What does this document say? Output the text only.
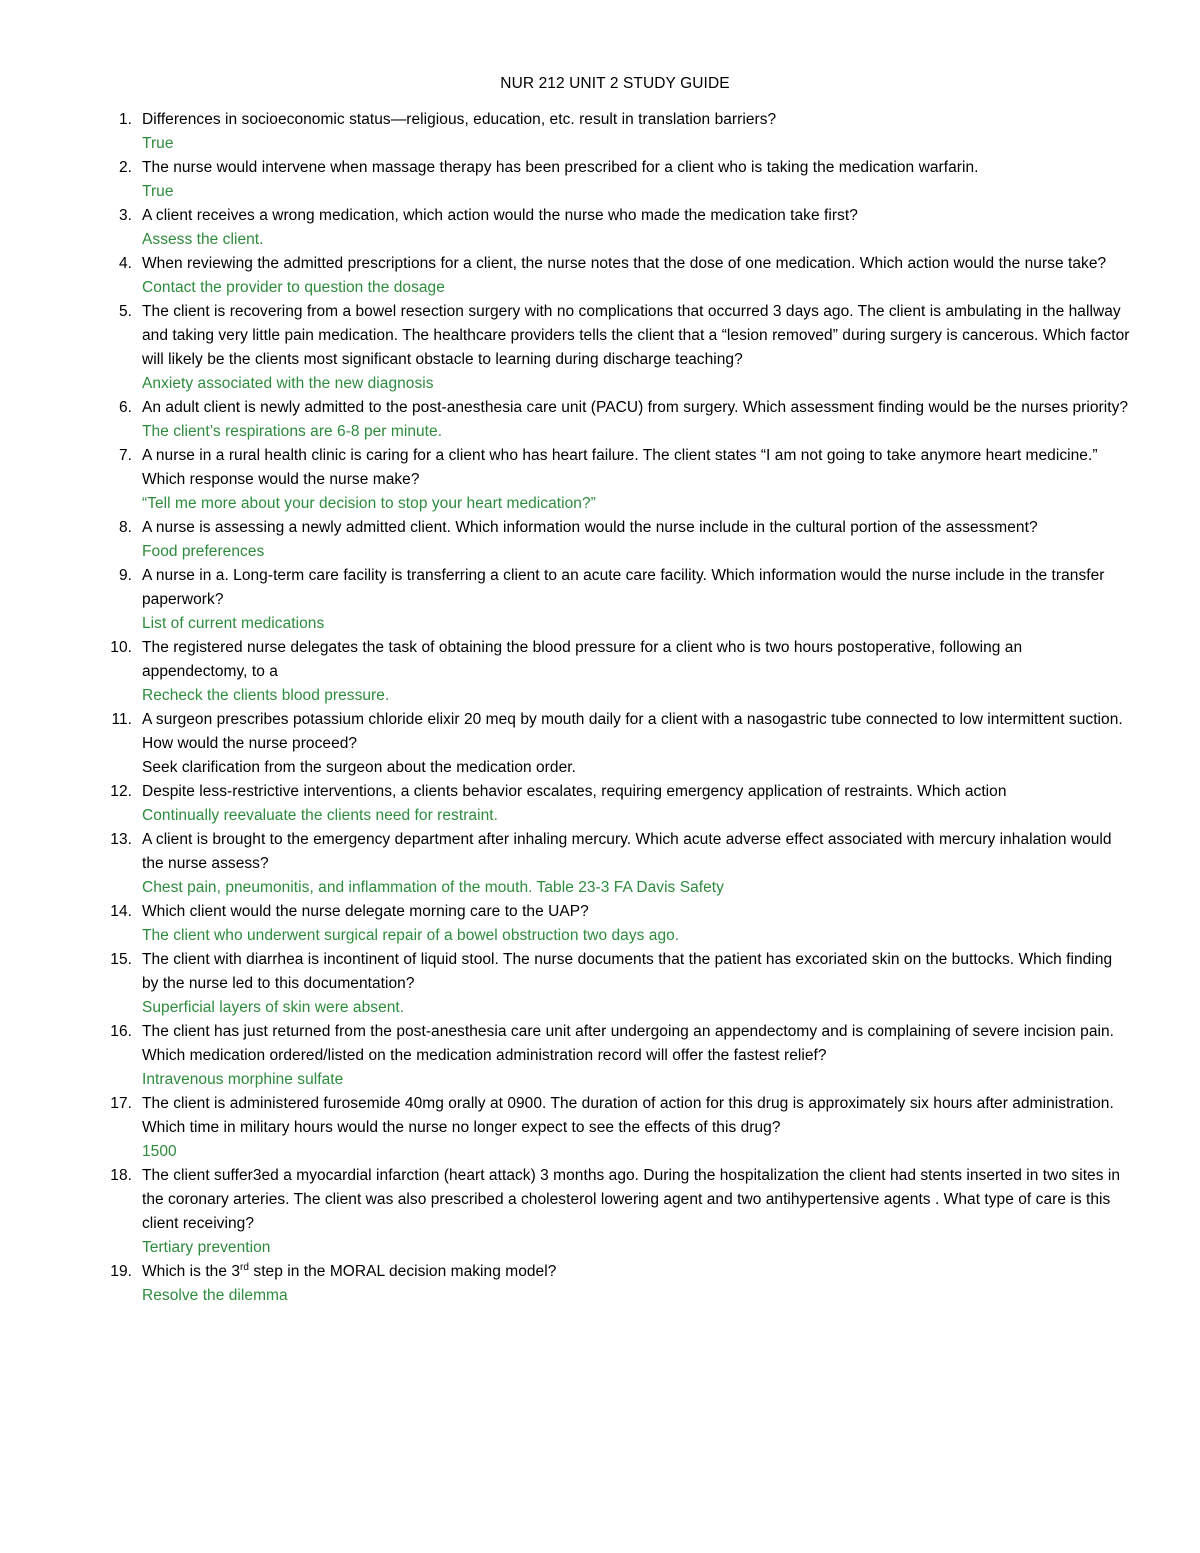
NUR 212 UNIT 2 STUDY GUIDE
1. Differences in socioeconomic status—religious, education, etc. result in translation barriers?
True
2. The nurse would intervene when massage therapy has been prescribed for a client who is taking the medication warfarin.
True
3. A client receives a wrong medication, which action would the nurse who made the medication take first?
Assess the client.
4. When reviewing the admitted prescriptions for a client, the nurse notes that the dose of one medication. Which action would the nurse take?
Contact the provider to question the dosage
5. The client is recovering from a bowel resection surgery with no complications that occurred 3 days ago. The client is ambulating in the hallway and taking very little pain medication. The healthcare providers tells the client that a “lesion removed” during surgery is cancerous. Which factor will likely be the clients most significant obstacle to learning during discharge teaching?
Anxiety associated with the new diagnosis
6. An adult client is newly admitted to the post-anesthesia care unit (PACU) from surgery. Which assessment finding would be the nurses priority?
The client’s respirations are 6-8 per minute.
7. A nurse in a rural health clinic is caring for a client who has heart failure. The client states “I am not going to take anymore heart medicine.” Which response would the nurse make?
“Tell me more about your decision to stop your heart medication?”
8. A nurse is assessing a newly admitted client. Which information would the nurse include in the cultural portion of the assessment?
Food preferences
9. A nurse in a. Long-term care facility is transferring a client to an acute care facility. Which information would the nurse include in the transfer paperwork?
List of current medications
10. The registered nurse delegates the task of obtaining the blood pressure for a client who is two hours postoperative, following an appendectomy, to a
Recheck the clients blood pressure.
11. A surgeon prescribes potassium chloride elixir 20 meq by mouth daily for a client with a nasogastric tube connected to low intermittent suction. How would the nurse proceed?
Seek clarification from the surgeon about the medication order.
12. Despite less-restrictive interventions, a clients behavior escalates, requiring emergency application of restraints. Which action
Continually reevaluate the clients need for restraint.
13. A client is brought to the emergency department after inhaling mercury. Which acute adverse effect associated with mercury inhalation would the nurse assess?
Chest pain, pneumonitis, and inflammation of the mouth. Table 23-3 FA Davis Safety
14. Which client would the nurse delegate morning care to the UAP?
The client who underwent surgical repair of a bowel obstruction two days ago.
15. The client with diarrhea is incontinent of liquid stool. The nurse documents that the patient has excoriated skin on the buttocks. Which finding by the nurse led to this documentation?
Superficial layers of skin were absent.
16. The client has just returned from the post-anesthesia care unit after undergoing an appendectomy and is complaining of severe incision pain. Which medication ordered/listed on the medication administration record will offer the fastest relief?
Intravenous morphine sulfate
17. The client is administered furosemide 40mg orally at 0900. The duration of action for this drug is approximately six hours after administration. Which time in military hours would the nurse no longer expect to see the effects of this drug?
1500
18. The client suffer3ed a myocardial infarction (heart attack) 3 months ago. During the hospitalization the client had stents inserted in two sites in the coronary arteries. The client was also prescribed a cholesterol lowering agent and two antihypertensive agents . What type of care is this client receiving?
Tertiary prevention
19. Which is the 3rd step in the MORAL decision making model?
Resolve the dilemma
